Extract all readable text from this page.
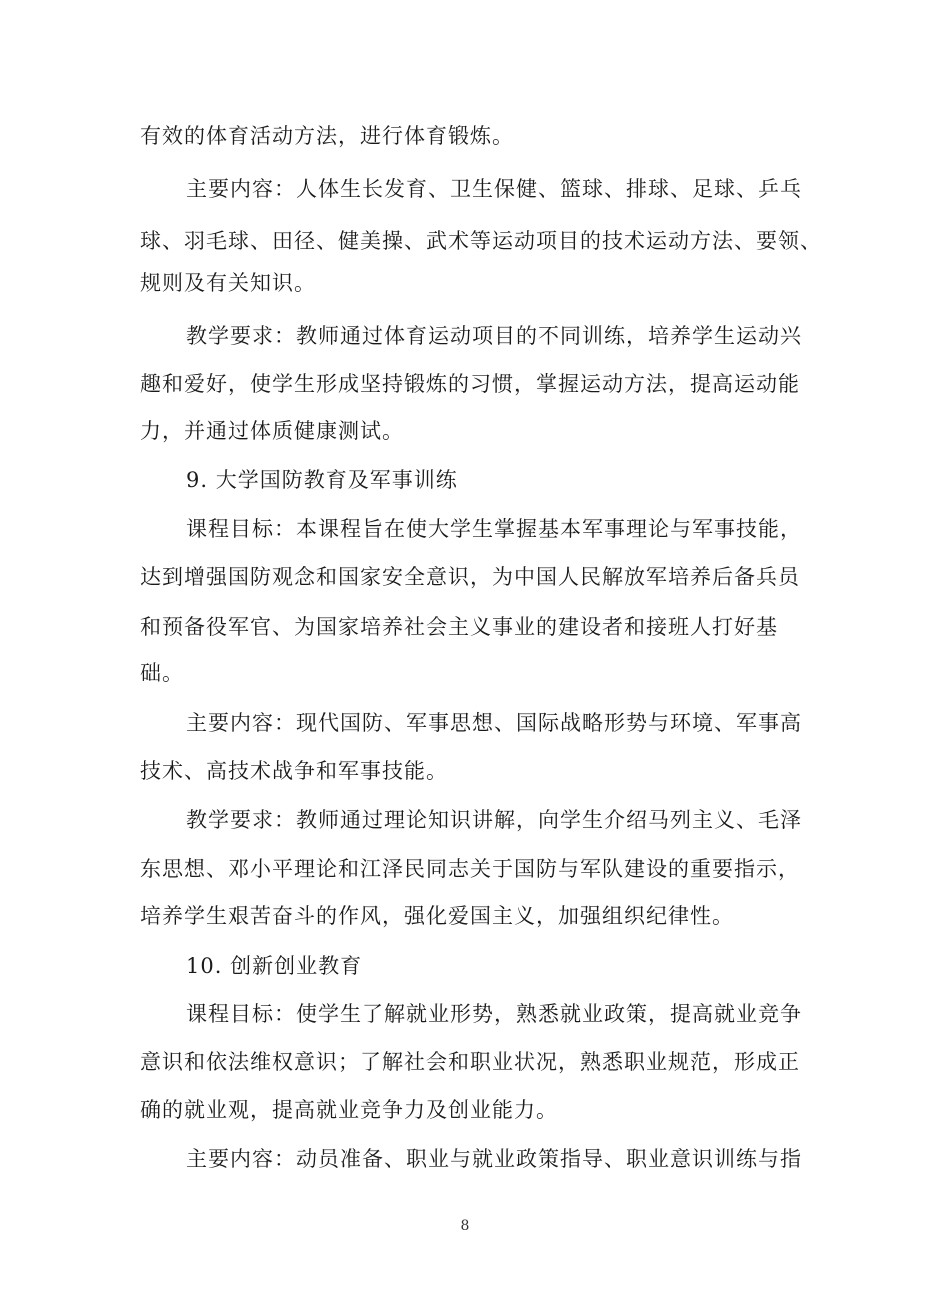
有效的体育活动方法，进行体育锻炼。
主要内容：人体生长发育、卫生保健、篮球、排球、足球、乒乓
球、羽毛球、田径、健美操、武术等运动项目的技术运动方法、要领、
规则及有关知识。
教学要求：教师通过体育运动项目的不同训练，培养学生运动兴
趣和爱好，使学生形成坚持锻炼的习惯，掌握运动方法，提高运动能
力，并通过体质健康测试。
9. 大学国防教育及军事训练
课程目标：本课程旨在使大学生掌握基本军事理论与军事技能，
达到增强国防观念和国家安全意识，为中国人民解放军培养后备兵员
和预备役军官、为国家培养社会主义事业的建设者和接班人打好基
础。
主要内容：现代国防、军事思想、国际战略形势与环境、军事高
技术、高技术战争和军事技能。
教学要求：教师通过理论知识讲解，向学生介绍马列主义、毛泽
东思想、邓小平理论和江泽民同志关于国防与军队建设的重要指示，
培养学生艰苦奋斗的作风，强化爱国主义，加强组织纪律性。
10. 创新创业教育
课程目标：使学生了解就业形势，熟悉就业政策，提高就业竞争
意识和依法维权意识；了解社会和职业状况，熟悉职业规范，形成正
确的就业观，提高就业竞争力及创业能力。
主要内容：动员准备、职业与就业政策指导、职业意识训练与指
8
